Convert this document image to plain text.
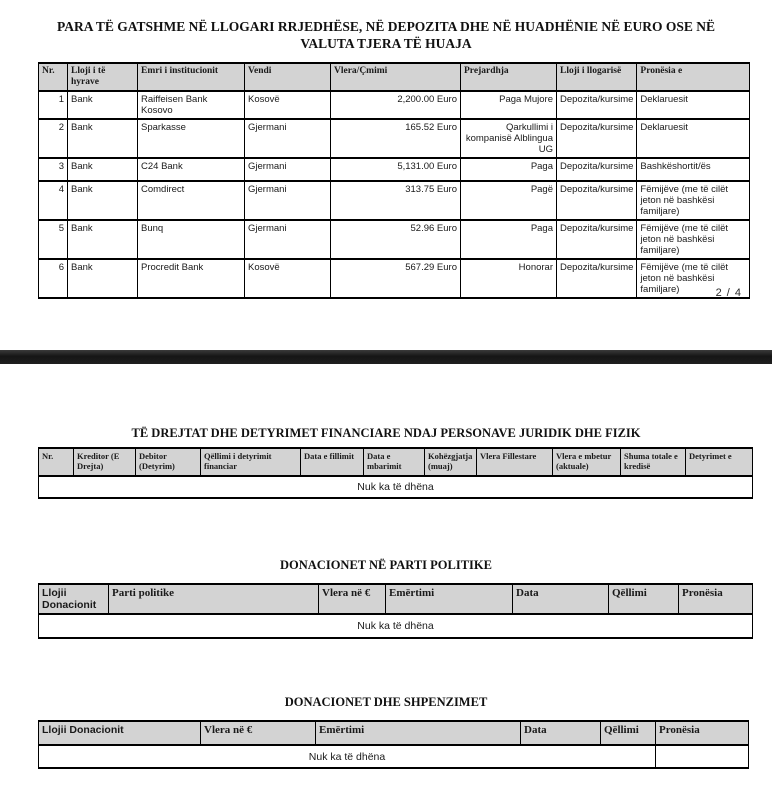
PARA TË GATSHME NË LLOGARI RRJEDHËSE, NË DEPOZITA DHE NË HUADHËNIE NË EURO OSE NË
VALUTA TJERA TË HUAJA
Nr.	Lloji i të hyrave	Emri i institucionit	Vendi	Vlera/Çmimi	Prejardhja	Lloji i llogarisë	Pronësia e
1	Bank	Raiffeisen Bank Kosovo	Kosovë	2,200.00 Euro	Paga Mujore	Depozita/kursime	Deklaruesit
2	Bank	Sparkasse	Gjermani	165.52 Euro	Qarkullimi i kompanisë Alblingua UG	Depozita/kursime	Deklaruesit
3	Bank	C24 Bank	Gjermani	5,131.00 Euro	Paga	Depozita/kursime	Bashkëshortit/ës
4	Bank	Comdirect	Gjermani	313.75 Euro	Pagë	Depozita/kursime	Fëmijëve (me të cilët jeton në bashkësi familjare)
5	Bank	Bunq	Gjermani	52.96 Euro	Paga	Depozita/kursime	Fëmijëve (me të cilët jeton në bashkësi familjare)
6	Bank	Procredit Bank	Kosovë	567.29 Euro	Honorar	Depozita/kursime	Fëmijëve (me të cilët jeton në bashkësi familjare)	2 / 4
TË DREJTAT DHE DETYRIMET FINANCIARE NDAJ PERSONAVE JURIDIK DHE FIZIK
Nr.	Kreditor (E Drejta)	Debitor (Detyrim)	Qëllimi i detyrimit financiar	Data e fillimit	Data e mbarimit	Kohëzgjatja (muaj)	Vlera Fillestare	Vlera e mbetur (aktuale)	Shuma totale e kredisë	Detyrimet e
Nuk ka të dhëna
DONACIONET NË PARTI POLITIKE
Llojii Donacionit	Parti politike	Vlera në €	Emërtimi	Data	Qëllimi	Pronësia
Nuk ka të dhëna
DONACIONET DHE SHPENZIMET
Llojii Donacionit	Vlera në €	Emërtimi	Data	Qëllimi	Pronësia
Nuk ka të dhëna					
